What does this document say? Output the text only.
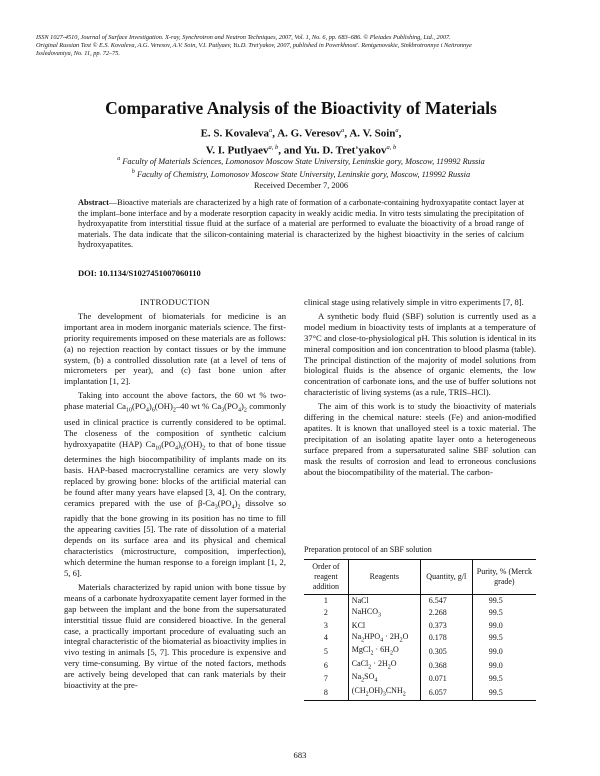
ISSN 1027-4510, Journal of Surface Investigation. X-ray, Synchrotron and Neutron Techniques, 2007, Vol. 1, No. 6, pp. 683–686. © Pleiades Publishing, Ltd., 2007.
Original Russian Text © E.S. Kovaleva, A.G. Veresov, A.V. Soin, V.I. Putlyaev, Yu.D. Tret'yakov, 2007, published in Poverkhnost'. Rentgenovskie, Sinkhrotronnye i Neitronnye
Issledovaniya, No. 11, pp. 72–75.
Comparative Analysis of the Bioactivity of Materials
E. S. Kovaleva$^a$, A. G. Veresov$^a$, A. V. Soin$^a$,
V. I. Putlyaev$^{a, b}$, and Yu. D. Tret'yakov$^{a, b}$
$^a$ Faculty of Materials Sciences, Lomonosov Moscow State University, Leninskie gory, Moscow, 119992 Russia
$^b$ Faculty of Chemistry, Lomonosov Moscow State University, Leninskie gory, Moscow, 119992 Russia
Received December 7, 2006
Abstract—Bioactive materials are characterized by a high rate of formation of a carbonate-containing hydroxyapatite contact layer at the implant–bone interface and by a moderate resorption capacity in weakly acidic media. In vitro tests simulating the precipitation of hydroxyapatite from interstitial tissue fluid at the surface of a material are performed to evaluate the bioactivity of a broad range of materials. The data indicate that the silicon-containing material is characterized by the highest bioactivity in the series of calcium hydroxyapatites.
DOI: 10.1134/S1027451007060110

INTRODUCTION

The development of biomaterials for medicine is an important area in modern inorganic materials science. The first-priority requirements imposed on these materials are as follows: (a) no rejection reaction by contact tissues or by the immune system, (b) a controlled dissolution rate (at a level of tens of micrometers per year), and (c) fast bone union after implantation [1, 2].

Taking into account the above factors, the 60 wt % two-phase material $Ca_{10}(PO_4)_6(OH)_2-40$ wt % $Ca_3(PO_4)_2$ commonly used in clinical practice is currently considered to be optimal. The closeness of the composition of synthetic calcium hydroxyapatite (HAP) $Ca_{10}(PO_4)_6(OH)_2$ to that of bone tissue determines the high biocompatibility of implants made on its basis. HAP-based macrocrystalline ceramics are very slowly replaced by growing bone: blocks of the artificial material can be found after many years have elapsed [3, 4]. On the contrary, ceramics prepared with the use of $\beta-Ca_3(PO_4)_2$ dissolve so rapidly that the bone growing in its position has no time to fill the appearing cavities [5]. The rate of dissolution of a material depends on its surface area and its physical and chemical characteristics (microstructure, composition, imperfection), which determine the human response to a foreign implant [1, 2, 5, 6].

Materials characterized by rapid union with bone tissue by means of a carbonate hydroxyapatite cement layer formed in the gap between the implant and the bone from the supersaturated interstitial tissue fluid are considered bioactive. In the general case, a practically important procedure of evaluating such an integral characteristic of the biomaterial as bioactivity implies in vivo testing in animals [5, 7]. This procedure is expensive and very time-consuming. By virtue of the noted factors, methods are actively being developed that can rank materials by their bioactivity at the pre-

clinical stage using relatively simple in vitro experiments [7, 8].

A synthetic body fluid (SBF) solution is currently used as a model medium in bioactivity tests of implants at a temperature of 37°C and close-to-physiological pH. This solution is identical in its mineral composition and ion concentration to blood plasma (table). The principal distinction of the majority of model solutions from biological fluids is the absence of organic elements, the low concentration of carbonate ions, and the use of buffer solutions not characteristic of living systems (as a rule, TRIS–HCl).

The aim of this work is to study the bioactivity of materials differing in the chemical nature: steels (Fe) and anion-modified apatites. It is known that unalloyed steel is a toxic material. The precipitation of an isolating apatite layer onto a heterogeneous surface prepared from a supersaturated saline SBF solution can mask the results of corrosion and lead to erroneous conclusions about the biocompatibility of the material. The carbon-

Preparation protocol of an SBF solution
Order of reagent addition	Reagents	Quantity, g/l	Purity, % (Merck grade)
1	NaCl	6.547	99.5
2	NaHCO$_3$	2.268	99.5
3	KCl	0.373	99.0
4	$Na_2HPO_4 \cdot 2H_2O$	0.178	99.5
5	MgCl$_2$ · $6H_2O$	0.305	99.0
6	CaCl$_2$ · $2H_2O$	0.368	99.0
7	$Na_2SO_4$	0.071	99.5
8	$(CH_2OH)_3CNH_2$	6.057	99.5
683
